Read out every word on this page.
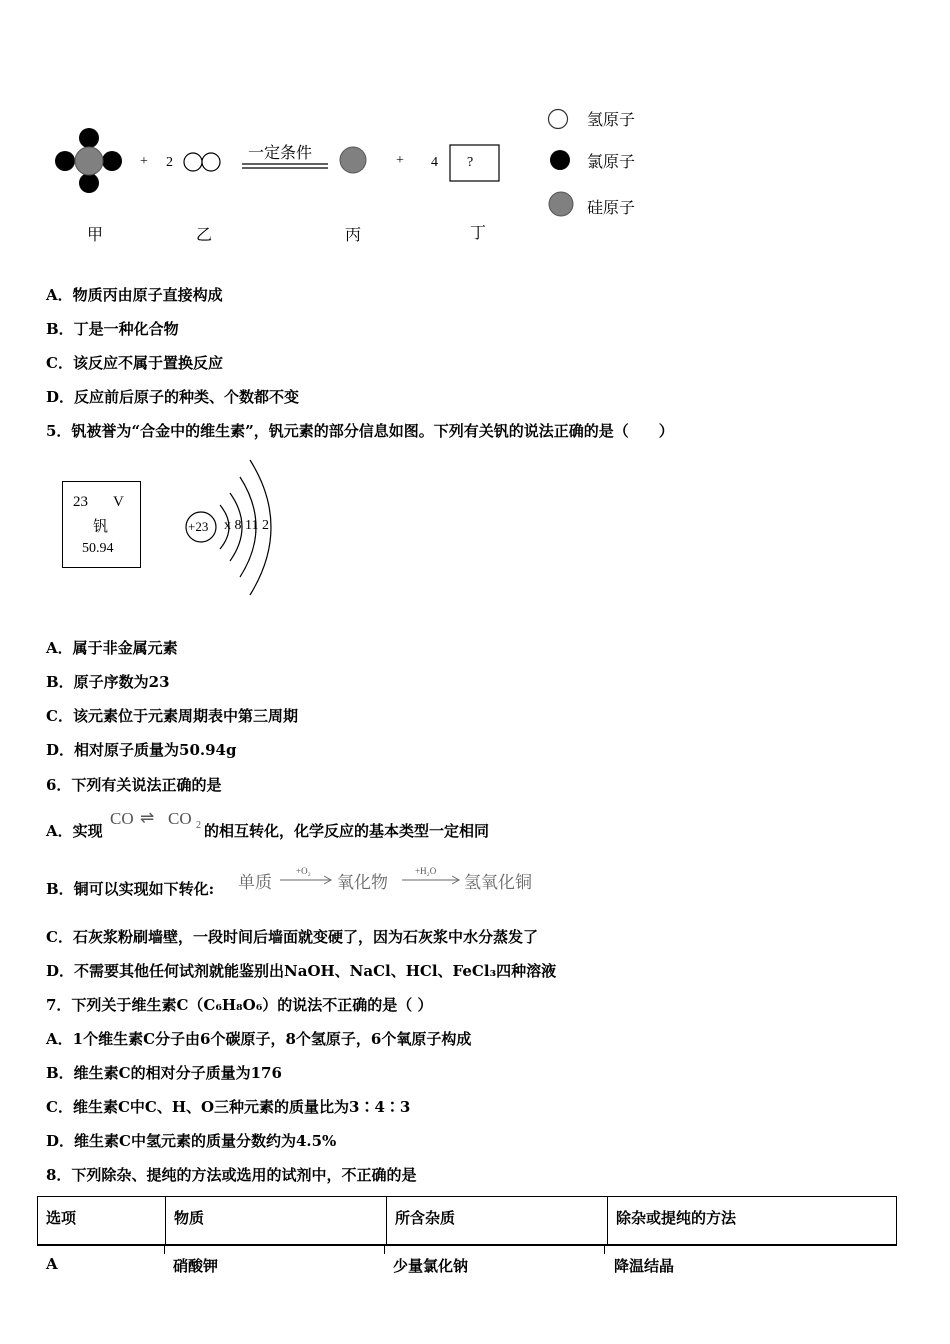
+ 2
一定条件	+ 4 ?
甲	乙	丙	丁
氢原子
氯原子
硅原子
A．物质丙由原子直接构成
B．丁是一种化合物
C．该反应不属于置换反应
D．反应前后原子的种类、个数都不变
5．钒被誉为“合金中的维生素”，钒元素的部分信息如图。下列有关钒的说法正确的是（　　）
23 V
钒
50.94
+23 x 8 11 2
A．属于非金属元素
B．原子序数为23
C．该元素位于元素周期表中第三周期
D．相对原子质量为50.94g
6．下列有关说法正确的是
A．实现
CO ⇌ CO 2 的相互转化，化学反应的基本类型一定相同
B．铜可以实现如下转化: 单质
+O₂
氧化物
+H₂O
氢氧化铜
C．石灰浆粉刷墙壁，一段时间后墙面就变硬了，因为石灰浆中水分蒸发了
D．不需要其他任何试剂就能鉴别出NaOH、NaCl、HCl、FeCl₃四种溶液
7．下列关于维生素C（C₆H₈O₆）的说法不正确的是（ ）
A．1个维生素C分子由6个碳原子，8个氢原子，6个氧原子构成
B．维生素C的相对分子质量为176
C．维生素C中C、H、O三种元素的质量比为3∶4∶3
D．维生素C中氢元素的质量分数约为4.5%
8．下列除杂、提纯的方法或选用的试剂中，不正确的是
选项	物质	所含杂质	除杂或提纯的方法
A	硝酸钾	少量氯化钠	降温结晶
